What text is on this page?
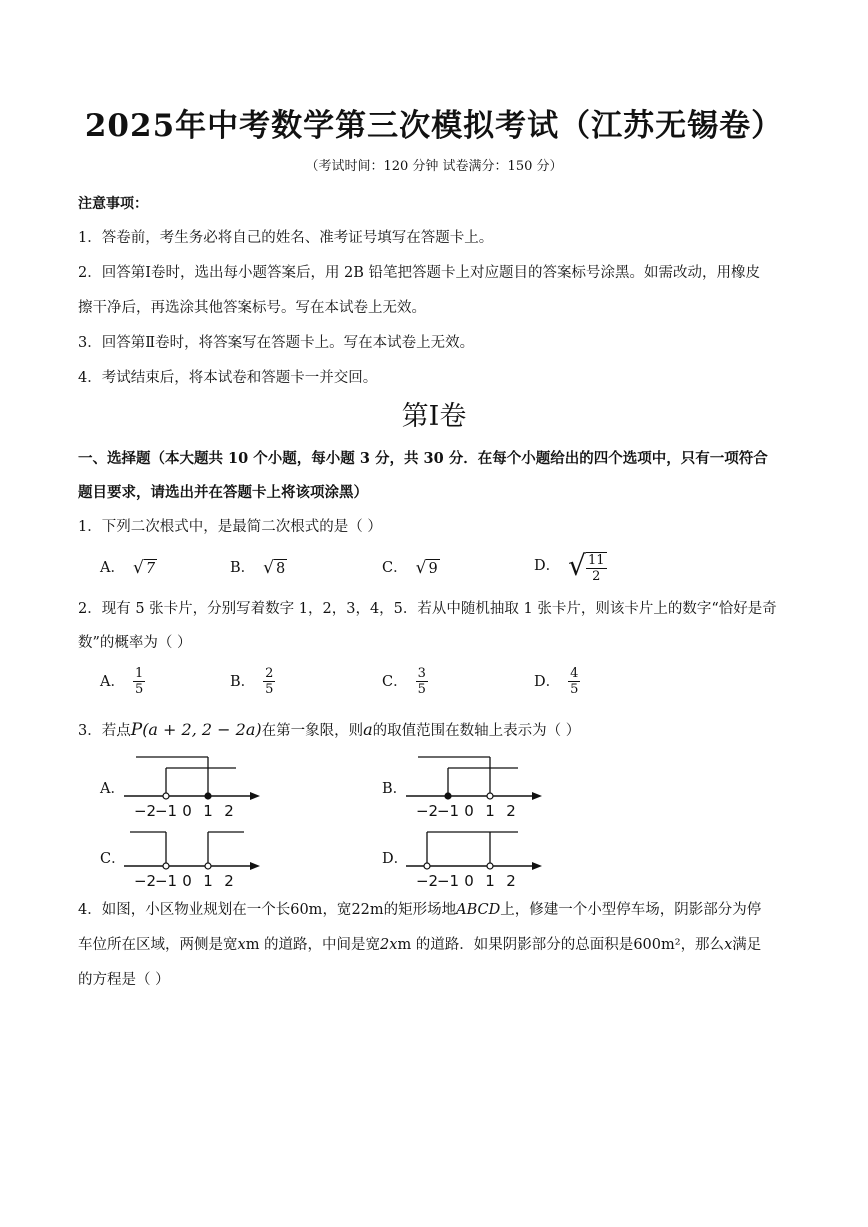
2025年中考数学第三次模拟考试（江苏无锡卷）
（考试时间：120 分钟 试卷满分：150 分）
注意事项：
1．答卷前，考生务必将自己的姓名、准考证号填写在答题卡上。
2．回答第Ⅰ卷时，选出每小题答案后，用 2B 铅笔把答题卡上对应题目的答案标号涂黑。如需改动，用橡皮
擦干净后，再选涂其他答案标号。写在本试卷上无效。
3．回答第Ⅱ卷时，将答案写在答题卡上。写在本试卷上无效。
4．考试结束后，将本试卷和答题卡一并交回。
第Ⅰ卷
一、选择题（本大题共 10 个小题，每小题 3 分，共 30 分．在每个小题给出的四个选项中，只有一项符合
题目要求，请选出并在答题卡上将该项涂黑）
1．下列二次根式中，是最简二次根式的是（ ）
A． √ 7	B． √ 8	C． √ 9	D． √ $\frac{11}{2}$
2．现有 5 张卡片，分别写着数字 1，2，3，4，5．若从中随机抽取 1 张卡片，则该卡片上的数字“恰好是奇
数”的概率为（ ）
A． $\frac{1}{5}$	B． $\frac{2}{5}$	C． $\frac{3}{5}$	D． $\frac{4}{5}$
3．若点P(a + 2, 2 − 2a)在第一象限，则a的取值范围在数轴上表示为（ ）
A．	B．
C．	D．
−2
−1 0 1 2	−2
−1 0 1 2
−2
−1 0 1 2	−2
−1 0 1 2
4．如图，小区物业规划在一个长60m，宽22m的矩形场地ABCD上，修建一个小型停车场，阴影部分为停
车位所在区域，两侧是宽xm 的道路，中间是宽2xm 的道路．如果阴影部分的总面积是600m²，那么x满足
的方程是（ ）
